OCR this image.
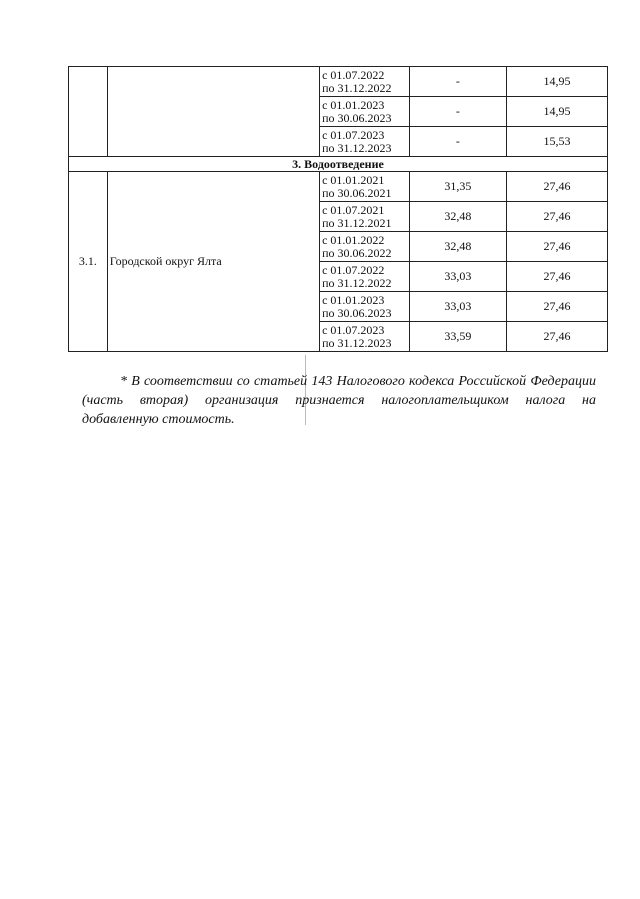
		с 01.07.2022
по 31.12.2022	-	14,95

		с 01.01.2023
по 30.06.2023	-	14,95

		с 01.07.2023
по 31.12.2023	-	15,53
3. Водоотведение				
3.1.	Городской округ Ялта	с 01.01.2021
по 30.06.2021	31,35	27,46

		с 01.07.2021
по 31.12.2021	32,48	27,46

		с 01.01.2022
по 30.06.2022	32,48	27,46

		с 01.07.2022
по 31.12.2022	33,03	27,46

		с 01.01.2023
по 30.06.2023	33,03	27,46

		с 01.07.2023
по 31.12.2023	33,59	27,46

* В соответствии со статьей 143 Налогового кодекса Российской Федерации (часть вторая) организация признается налогоплательщиком налога на добавленную стоимость.
